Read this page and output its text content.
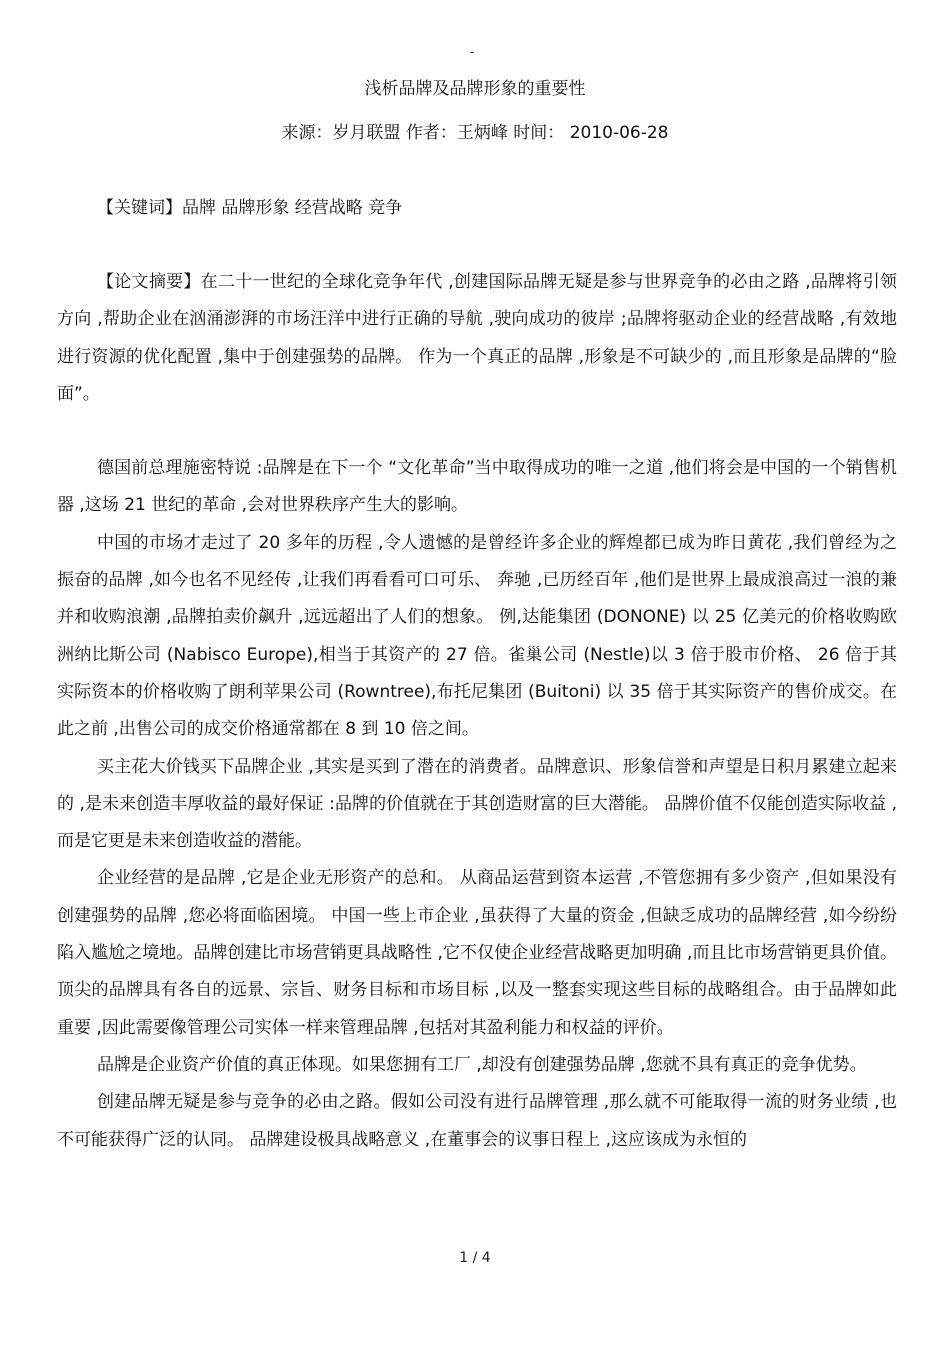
-
浅析品牌及品牌形象的重要性
来源：岁月联盟 作者：王炳峰 时间： 2010-06-28
【关键词】品牌 品牌形象 经营战略 竞争

【论文摘要】在二十一世纪的全球化竞争年代 ,创建国际品牌无疑是参与世界竞争的必由之路 ,品牌将引领方向 ,帮助企业在汹涌澎湃的市场汪洋中进行正确的导航 ,驶向成功的彼岸 ;品牌将驱动企业的经营战略 ,有效地进行资源的优化配置 ,集中于创建强势的品牌。 作为一个真正的品牌 ,形象是不可缺少的 ,而且形象是品牌的“脸面”。

德国前总理施密特说 :品牌是在下一个 “文化革命”当中取得成功的唯一之道 ,他们将会是中国的一个销售机器 ,这场 21 世纪的革命 ,会对世界秩序产生大的影响。

中国的市场才走过了 20 多年的历程 ,令人遗憾的是曾经许多企业的辉煌都已成为昨日黄花 ,我们曾经为之振奋的品牌 ,如今也名不见经传 ,让我们再看看可口可乐、 奔驰 ,已历经百年 ,他们是世界上最成浪高过一浪的兼并和收购浪潮 ,品牌拍卖价飙升 ,远远超出了人们的想象。 例,达能集团 (DONONE) 以 25 亿美元的价格收购欧洲纳比斯公司 (Nabisco Europe),相当于其资产的 27 倍。雀巢公司 (Nestle)以 3 倍于股市价格、 26 倍于其实际资本的价格收购了朗利苹果公司 (Rowntree),布托尼集团 (Buitoni) 以 35 倍于其实际资产的售价成交。在此之前 ,出售公司的成交价格通常都在 8 到 10 倍之间。

买主花大价钱买下品牌企业 ,其实是买到了潜在的消费者。品牌意识、形象信誉和声望是日积月累建立起来的 ,是未来创造丰厚收益的最好保证 :品牌的价值就在于其创造财富的巨大潜能。 品牌价值不仅能创造实际收益 ,而是它更是未来创造收益的潜能。

企业经营的是品牌 ,它是企业无形资产的总和。 从商品运营到资本运营 ,不管您拥有多少资产 ,但如果没有创建强势的品牌 ,您必将面临困境。 中国一些上市企业 ,虽获得了大量的资金 ,但缺乏成功的品牌经营 ,如今纷纷陷入尴尬之境地。品牌创建比市场营销更具战略性 ,它不仅使企业经营战略更加明确 ,而且比市场营销更具价值。顶尖的品牌具有各自的远景、宗旨、财务目标和市场目标 ,以及一整套实现这些目标的战略组合。由于品牌如此重要 ,因此需要像管理公司实体一样来管理品牌 ,包括对其盈利能力和权益的评价。

品牌是企业资产价值的真正体现。如果您拥有工厂 ,却没有创建强势品牌 ,您就不具有真正的竞争优势。

创建品牌无疑是参与竞争的必由之路。假如公司没有进行品牌管理 ,那么就不可能取得一流的财务业绩 ,也不可能获得广泛的认同。 品牌建设极具战略意义 ,在董事会的议事日程上 ,这应该成为永恒的

1 / 4
